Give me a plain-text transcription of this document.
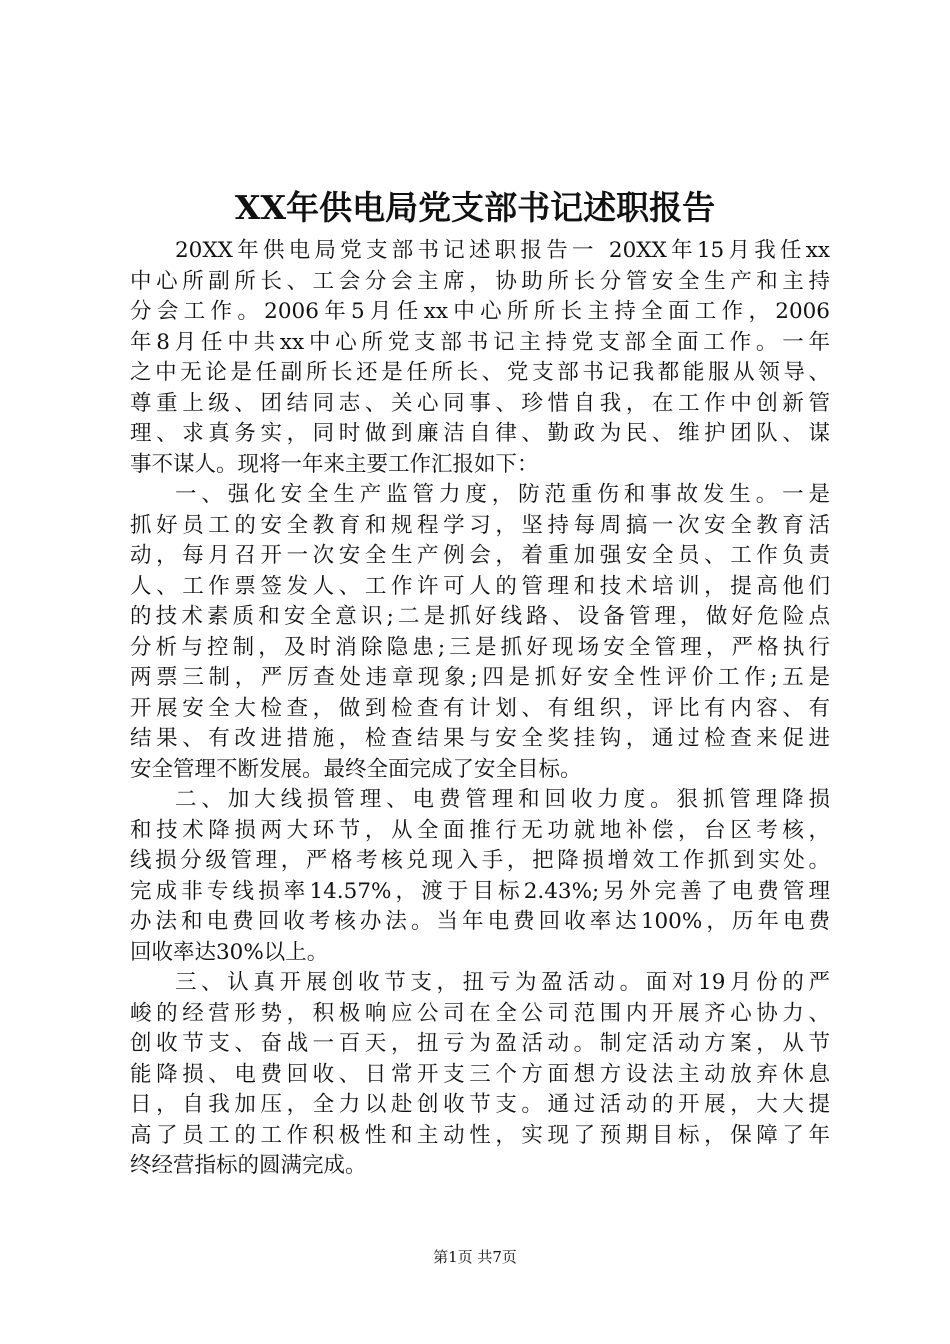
XX年供电局党支部书记述职报告
20XX年供电局党支部书记述职报告一 20XX年15月我任xx
中心所副所长、工会分会主席，协助所长分管安全生产和主持
分会工作。2006年5月任xx中心所所长主持全面工作，2006
年8月任中共xx中心所党支部书记主持党支部全面工作。一年
之中无论是任副所长还是任所长、党支部书记我都能服从领导、
尊重上级、团结同志、关心同事、珍惜自我，在工作中创新管
理、求真务实，同时做到廉洁自律、勤政为民、维护团队、谋
事不谋人。现将一年来主要工作汇报如下：
一、强化安全生产监管力度，防范重伤和事故发生。一是
抓好员工的安全教育和规程学习，坚持每周搞一次安全教育活
动，每月召开一次安全生产例会，着重加强安全员、工作负责
人、工作票签发人、工作许可人的管理和技术培训，提高他们
的技术素质和安全意识;二是抓好线路、设备管理，做好危险点
分析与控制，及时消除隐患;三是抓好现场安全管理，严格执行
两票三制，严厉查处违章现象;四是抓好安全性评价工作;五是
开展安全大检查，做到检查有计划、有组织，评比有内容、有
结果、有改进措施，检查结果与安全奖挂钩，通过检查来促进
安全管理不断发展。最终全面完成了安全目标。
二、加大线损管理、电费管理和回收力度。狠抓管理降损
和技术降损两大环节，从全面推行无功就地补偿，台区考核，
线损分级管理，严格考核兑现入手，把降损增效工作抓到实处。
完成非专线损率14.57%，渡于目标2.43%;另外完善了电费管理
办法和电费回收考核办法。当年电费回收率达100%，历年电费
回收率达30%以上。
三、认真开展创收节支，扭亏为盈活动。面对19月份的严
峻的经营形势，积极响应公司在全公司范围内开展齐心协力、
创收节支、奋战一百天，扭亏为盈活动。制定活动方案，从节
能降损、电费回收、日常开支三个方面想方设法主动放弃休息
日，自我加压，全力以赴创收节支。通过活动的开展，大大提
高了员工的工作积极性和主动性，实现了预期目标，保障了年
终经营指标的圆满完成。
第1页 共7页
